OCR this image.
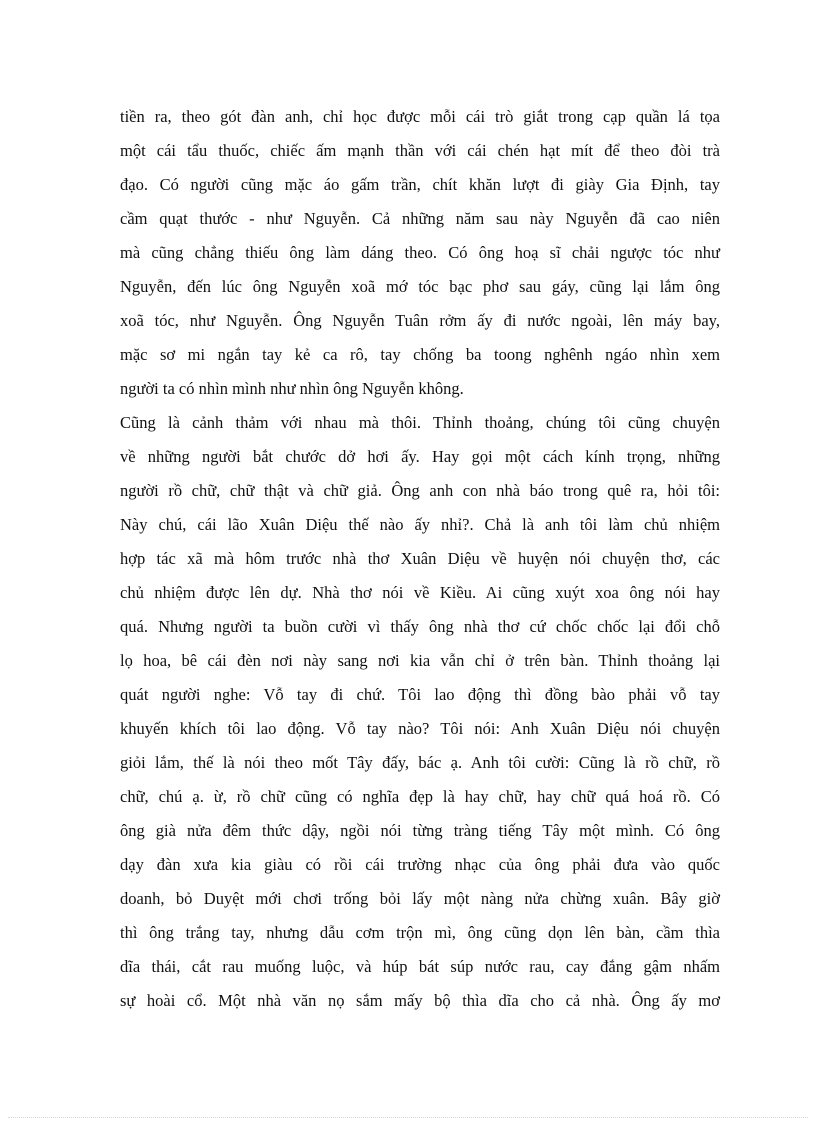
tiền ra, theo gót đàn anh, chỉ học được mỗi cái trò giắt trong cạp quần lá tọa
một cái tẩu thuốc, chiếc ấm mạnh thần với cái chén hạt mít để theo đòi trà
đạo. Có người cũng mặc áo gấm trần, chít khăn lượt đi giày Gia Định, tay
cầm quạt thước - như Nguyễn. Cả những năm sau này Nguyễn đã cao niên
mà cũng chẳng thiếu ông làm dáng theo. Có ông hoạ sĩ chải ngược tóc như
Nguyễn, đến lúc ông Nguyễn xoã mớ tóc bạc phơ sau gáy, cũng lại lắm ông
xoã tóc, như Nguyễn. Ông Nguyễn Tuân rởm ấy đi nước ngoài, lên máy bay,
mặc sơ mi ngắn tay kẻ ca rô, tay chống ba toong nghênh ngáo nhìn xem
người ta có nhìn mình như nhìn ông Nguyễn không.
Cũng là cảnh thảm với nhau mà thôi. Thỉnh thoảng, chúng tôi cũng chuyện
về những người bắt chước dở hơi ấy. Hay gọi một cách kính trọng, những
người rồ chữ, chữ thật và chữ giả. Ông anh con nhà báo trong quê ra, hỏi tôi:
Này chú, cái lão Xuân Diệu thế nào ấy nhỉ?. Chả là anh tôi làm chủ nhiệm
hợp tác xã mà hôm trước nhà thơ Xuân Diệu về huyện nói chuyện thơ, các
chủ nhiệm được lên dự. Nhà thơ nói về Kiều. Ai cũng xuýt xoa ông nói hay
quá. Nhưng người ta buồn cười vì thấy ông nhà thơ cứ chốc chốc lại đổi chỗ
lọ hoa, bê cái đèn nơi này sang nơi kia vẫn chỉ ở trên bàn. Thỉnh thoảng lại
quát người nghe: Vỗ tay đi chứ. Tôi lao động thì đồng bào phải vỗ tay
khuyến khích tôi lao động. Vỗ tay nào? Tôi nói: Anh Xuân Diệu nói chuyện
giỏi lắm, thế là nói theo mốt Tây đấy, bác ạ. Anh tôi cười: Cũng là rồ chữ, rồ
chữ, chú ạ. ừ, rồ chữ cũng có nghĩa đẹp là hay chữ, hay chữ quá hoá rồ. Có
ông già nửa đêm thức dậy, ngồi nói từng tràng tiếng Tây một mình. Có ông
dạy đàn xưa kia giàu có rồi cái trường nhạc của ông phải đưa vào quốc
doanh, bỏ Duyệt mới chơi trống bỏi lấy một nàng nửa chừng xuân. Bây giờ
thì ông trắng tay, nhưng dẫu cơm trộn mì, ông cũng dọn lên bàn, cầm thìa
dĩa thái, cắt rau muống luộc, và húp bát súp nước rau, cay đắng gậm nhấm
sự hoài cổ. Một nhà văn nọ sắm mấy bộ thìa dĩa cho cả nhà. Ông ấy mơ
